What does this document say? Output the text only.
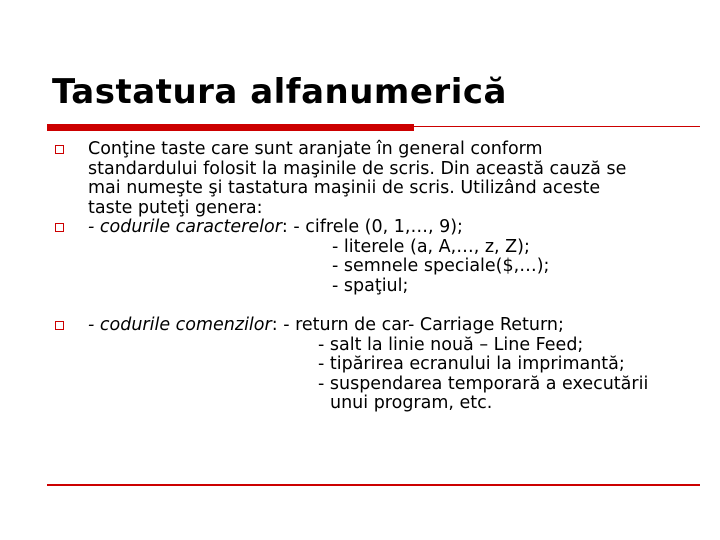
Tastatura alfanumerică
Conţine taste care sunt aranjate în general conform
standardului folosit la maşinile de scris. Din această cauză se
mai numeşte şi tastatura maşinii de scris. Utilizând aceste
taste puteţi genera:
- codurile caracterelor: - cifrele (0, 1,…, 9);
- literele (a, A,…, z, Z);
- semnele speciale($,…);
- spaţiul;
- codurile comenzilor: - return de car- Carriage Return;
- salt la linie nouă – Line Feed;
- tipărirea ecranului la imprimantă;
- suspendarea temporară a executării
unui program, etc.
